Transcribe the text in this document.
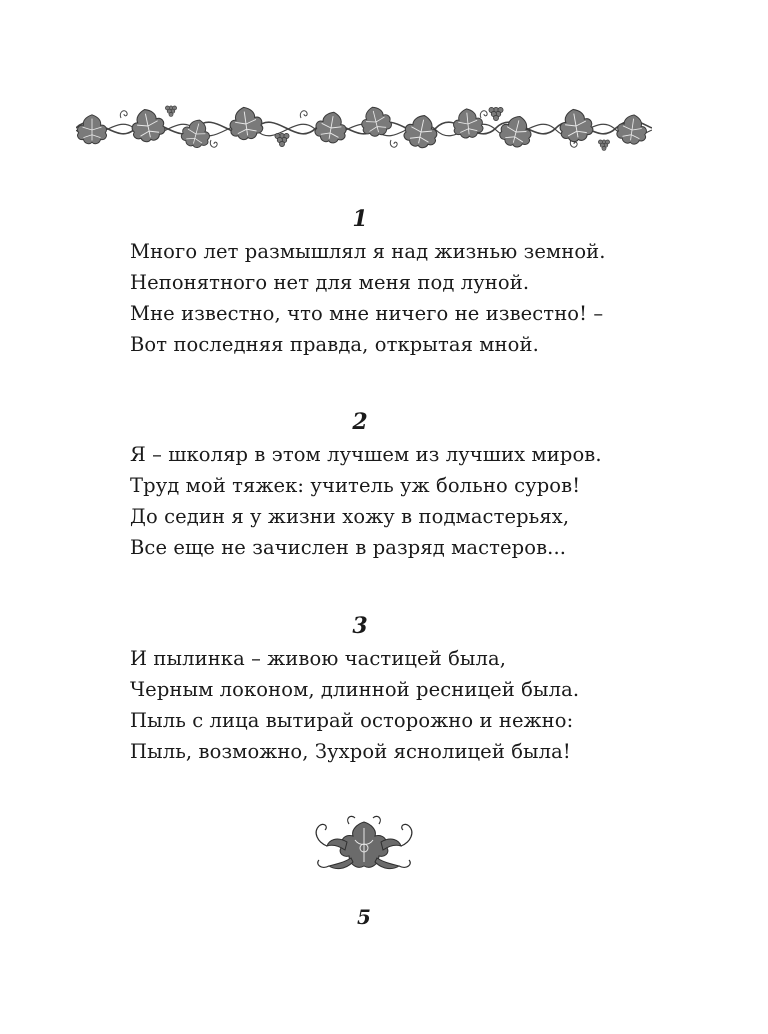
1
Много лет размышлял я над жизнью земной.
Непонятного нет для меня под луной.
Мне известно, что мне ничего не известно! –
Вот последняя правда, открытая мной.
2
Я – школяр в этом лучшем из лучших миров.
Труд мой тяжек: учитель уж больно суров!
До седин я у жизни хожу в подмастерьях,
Все еще не зачислен в разряд мастеров...
3
И пылинка – живою частицей была,
Черным локоном, длинной ресницей была.
Пыль с лица вытирай осторожно и нежно:
Пыль, возможно, Зухрой яснолицей была!
5
